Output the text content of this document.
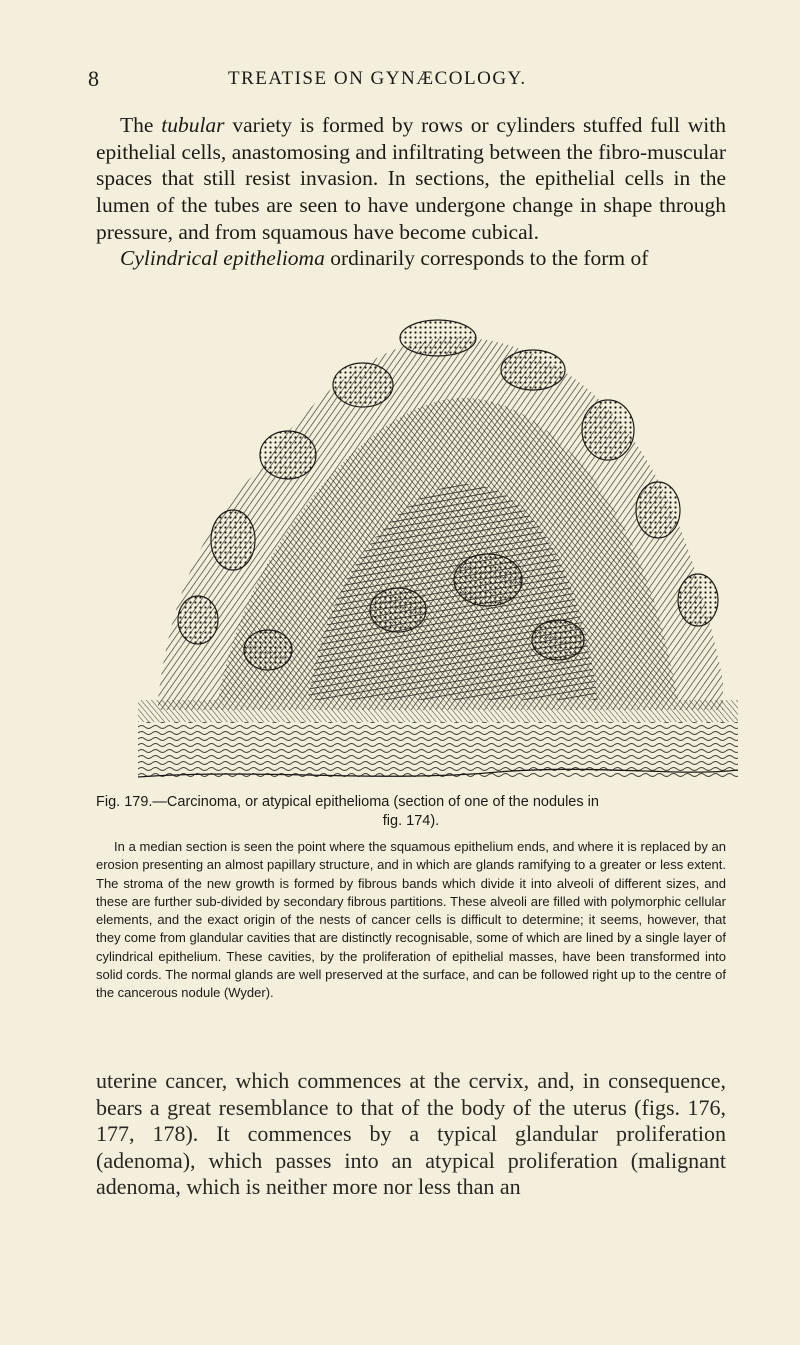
8	TREATISE ON GYNÆCOLOGY.

The tubular variety is formed by rows or cylinders stuffed full with epithelial cells, anastomosing and infiltrating between the fibro-muscular spaces that still resist invasion. In sections, the epithelial cells in the lumen of the tubes are seen to have undergone change in shape through pressure, and from squamous have become cubical.

Cylindrical epithelioma ordinarily corresponds to the form of

Fig. 179.—Carcinoma, or atypical epithelioma (section of one of the nodules in
fig. 174).

In a median section is seen the point where the squamous epithelium ends, and where it is replaced by an erosion presenting an almost papillary structure, and in which are glands ramifying to a greater or less extent. The stroma of the new growth is formed by fibrous bands which divide it into alveoli of different sizes, and these are further sub-divided by secondary fibrous partitions. These alveoli are filled with polymorphic cellular elements, and the exact origin of the nests of cancer cells is difficult to determine; it seems, however, that they come from glandular cavities that are distinctly recognisable, some of which are lined by a single layer of cylindrical epithelium. These cavities, by the proliferation of epithelial masses, have been transformed into solid cords. The normal glands are well preserved at the surface, and can be followed right up to the centre of the cancerous nodule (Wyder).

uterine cancer, which commences at the cervix, and, in consequence, bears a great resemblance to that of the body of the uterus (figs. 176, 177, 178). It commences by a typical glandular proliferation (adenoma), which passes into an atypical proliferation (malignant adenoma, which is neither more nor less than an
